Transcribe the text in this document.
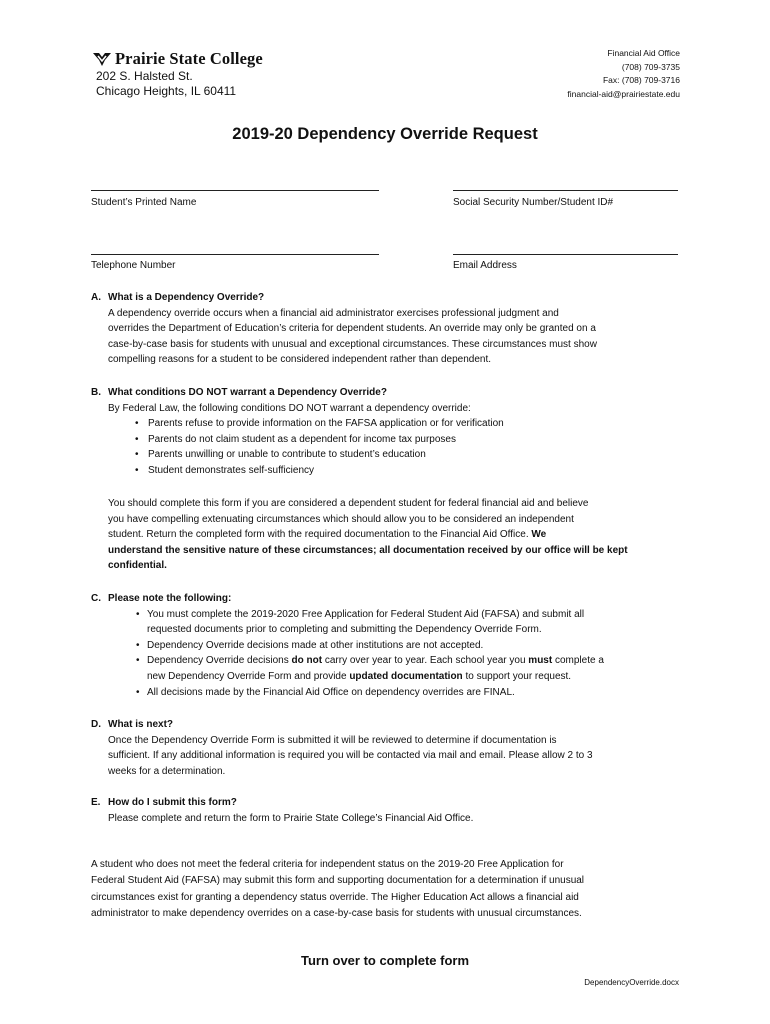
Prairie State College
202 S. Halsted St.
Chicago Heights, IL 60411
Financial Aid Office
(708) 709-3735
Fax: (708) 709-3716
financial-aid@prairiestate.edu
2019-20 Dependency Override Request
Student’s Printed Name	Social Security Number/Student ID#
Telephone Number	Email Address
A. What is a Dependency Override?
A dependency override occurs when a financial aid administrator exercises professional judgment and
overrides the Department of Education’s criteria for dependent students. An override may only be granted on a
case-by-case basis for students with unusual and exceptional circumstances. These circumstances must show
compelling reasons for a student to be considered independent rather than dependent.
B. What conditions DO NOT warrant a Dependency Override?
By Federal Law, the following conditions DO NOT warrant a dependency override:
• Parents refuse to provide information on the FAFSA application or for verification
• Parents do not claim student as a dependent for income tax purposes
• Parents unwilling or unable to contribute to student’s education
• Student demonstrates self-sufficiency
You should complete this form if you are considered a dependent student for federal financial aid and believe
you have compelling extenuating circumstances which should allow you to be considered an independent
student. Return the completed form with the required documentation to the Financial Aid Office. We
understand the sensitive nature of these circumstances; all documentation received by our office will be kept
confidential.
C. Please note the following:
• You must complete the 2019-2020 Free Application for Federal Student Aid (FAFSA) and submit all
requested documents prior to completing and submitting the Dependency Override Form.
• Dependency Override decisions made at other institutions are not accepted.
• Dependency Override decisions do not carry over year to year. Each school year you must complete a
new Dependency Override Form and provide updated documentation to support your request.
• All decisions made by the Financial Aid Office on dependency overrides are FINAL.
D. What is next?
Once the Dependency Override Form is submitted it will be reviewed to determine if documentation is
sufficient. If any additional information is required you will be contacted via mail and email. Please allow 2 to 3
weeks for a determination.
E. How do I submit this form?
Please complete and return the form to Prairie State College’s Financial Aid Office.
A student who does not meet the federal criteria for independent status on the 2019-20 Free Application for
Federal Student Aid (FAFSA) may submit this form and supporting documentation for a determination if unusual
circumstances exist for granting a dependency status override. The Higher Education Act allows a financial aid
administrator to make dependency overrides on a case-by-case basis for students with unusual circumstances.
Turn over to complete form
DependencyOverride.docx
